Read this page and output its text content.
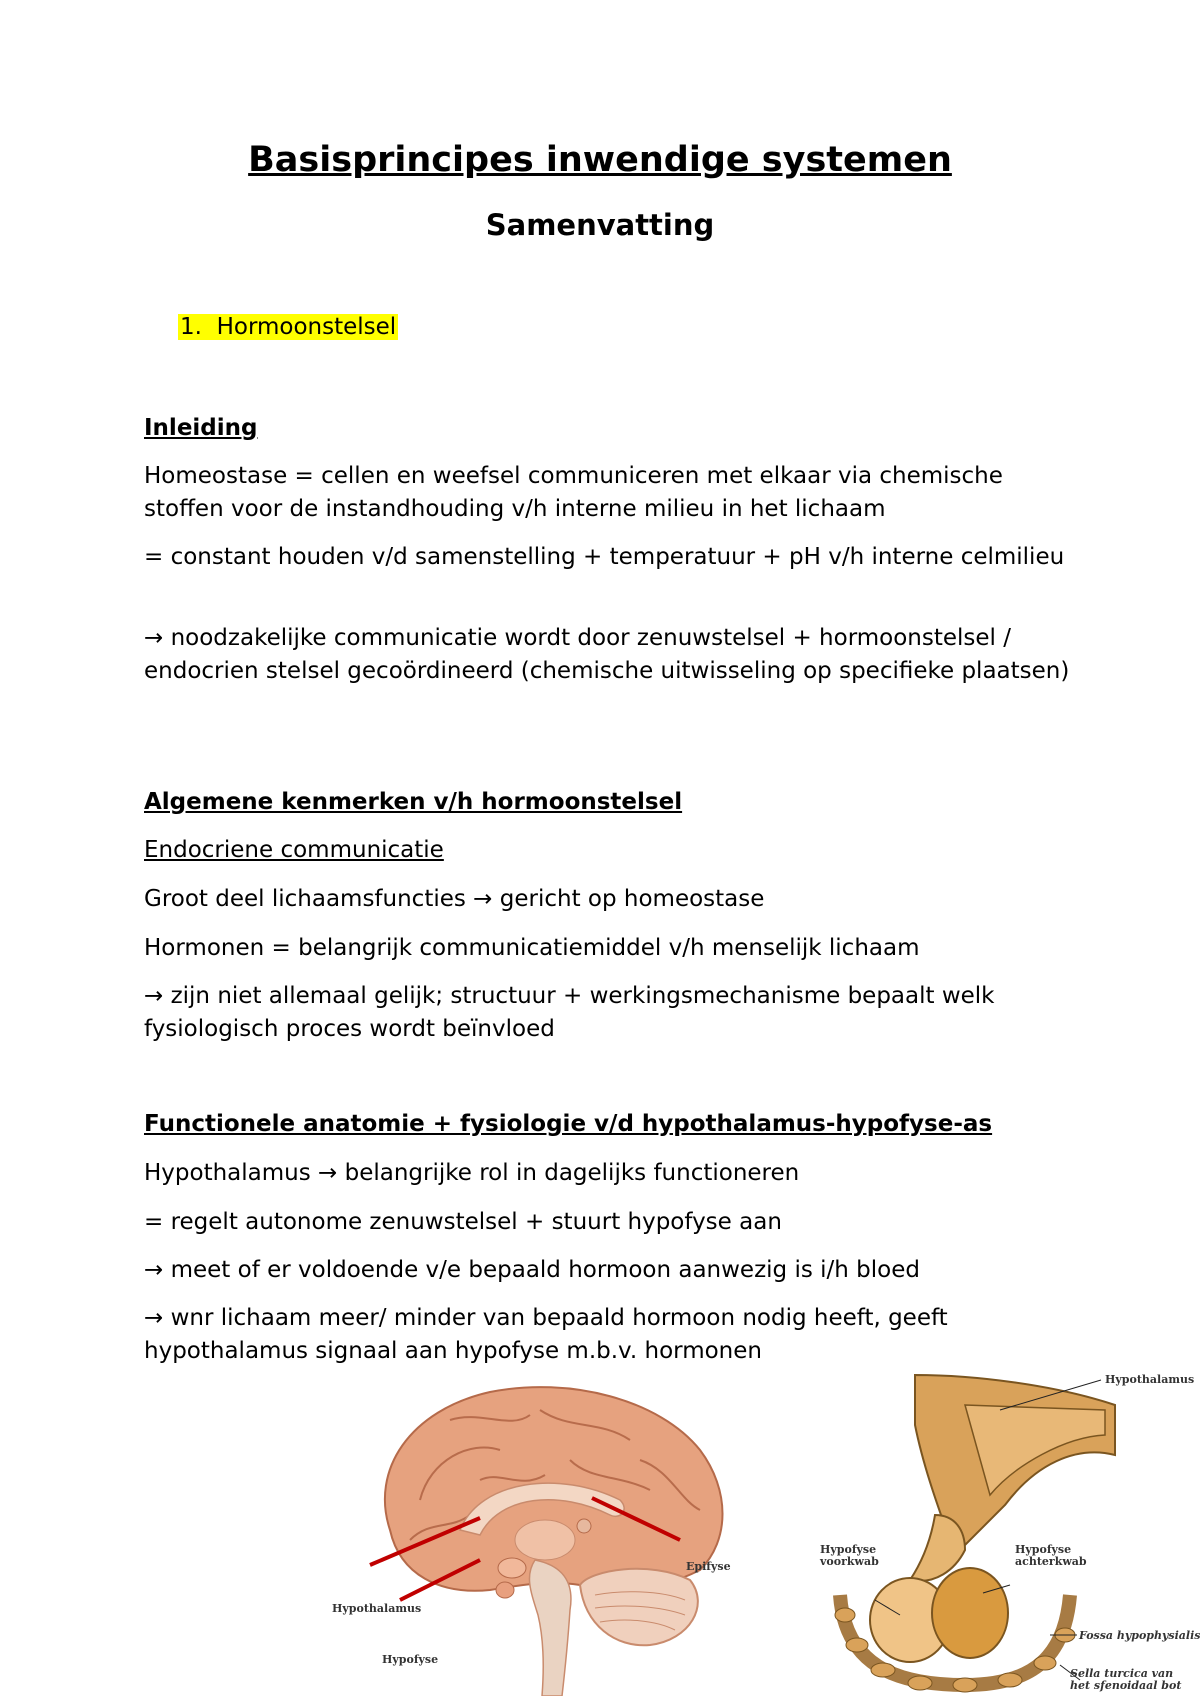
Basisprincipes inwendige systemen
Samenvatting
1. Hormoonstelsel

Inleiding

Homeostase = cellen en weefsel communiceren met elkaar via chemische stoffen voor de instandhouding v/h interne milieu in het lichaam

= constant houden v/d samenstelling + temperatuur + pH v/h interne celmilieu

→ noodzakelijke communicatie wordt door zenuwstelsel + hormoonstelsel / endocrien stelsel gecoördineerd (chemische uitwisseling op specifieke plaatsen)

Algemene kenmerken v/h hormoonstelsel

Endocriene communicatie

Groot deel lichaamsfuncties → gericht op homeostase

Hormonen = belangrijk communicatiemiddel v/h menselijk lichaam

→ zijn niet allemaal gelijk; structuur + werkingsmechanisme bepaalt welk fysiologisch proces wordt beïnvloed

Functionele anatomie + fysiologie v/d hypothalamus-hypofyse-as

Hypothalamus → belangrijke rol in dagelijks functioneren

= regelt autonome zenuwstelsel + stuurt hypofyse aan

→ meet of er voldoende v/e bepaald hormoon aanwezig is i/h bloed

→ wnr lichaam meer/ minder van bepaald hormoon nodig heeft, geeft hypothalamus signaal aan hypofyse m.b.v. hormonen

Hypothalamus
Hypofyse
Epifyse
Hypothalamus
Hypofyse
voorkwab
Hypofyse
achterkwab
Fossa hypophysialis
Sella turcica van
het sfenoidaal bot
